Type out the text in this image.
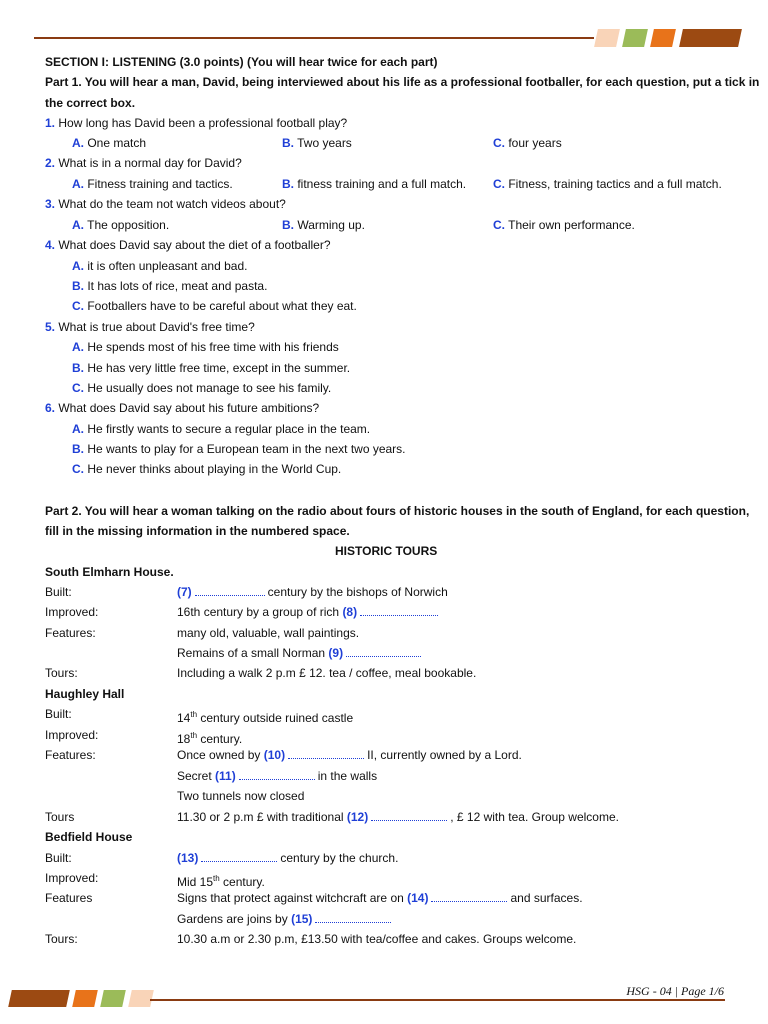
SECTION I: LISTENING (3.0 points) (You will hear twice for each part)
Part 1. You will hear a man, David, being interviewed about his life as a professional footballer, for each question, put a tick in
the correct box.
1. How long has David been a professional football play?
A. One match	B. Two years	C. four years
2. What is in a normal day for David?
A. Fitness training and tactics.	B. fitness training and a full match. C. Fitness, training tactics and a full match.
3. What do the team not watch videos about?
A. The opposition.	B. Warming up.	C. Their own performance.
4. What does David say about the diet of a footballer?
A. it is often unpleasant and bad.
B. It has lots of rice, meat and pasta.
C. Footballers have to be careful about what they eat.
5. What is true about David's free time?
A. He spends most of his free time with his friends
B. He has very little free time, except in the summer.
C. He usually does not manage to see his family.
6. What does David say about his future ambitions?
A. He firstly wants to secure a regular place in the team.
B. He wants to play for a European team in the next two years.
C. He never thinks about playing in the World Cup.
Part 2. You will hear a woman talking on the radio about fours of historic houses in the south of England, for each question,
fill in the missing information in the numbered space.
HISTORIC TOURS
South Elmharn House.
Built:	(7)	century by the bishops of Norwich
Improved:	16th century by a group of rich (8)
Features:	many old, valuable, wall paintings.
Remains of a small Norman (9)
Tours:	Including a walk 2 p.m £ 12. tea / coffee, meal bookable.
Haughley Hall
Built:	14th century outside ruined castle
Improved:	18th century.
Features:	Once owned by (10)	II, currently owned by a Lord.
Secret (11)	in the walls
Two tunnels now closed
Tours	11.30 or 2 p.m £ with traditional (12)	, £ 12 with tea. Group welcome.
Bedfield House
Built:	(13)	century by the church.
Improved:	Mid 15th century.
Features	Signs that protect against witchcraft are on (14)	and surfaces.
Gardens are joins by (15)
Tours:	10.30 a.m or 2.30 p.m, £13.50 with tea/coffee and cakes. Groups welcome.
HSG - 04 | Page 1/6
